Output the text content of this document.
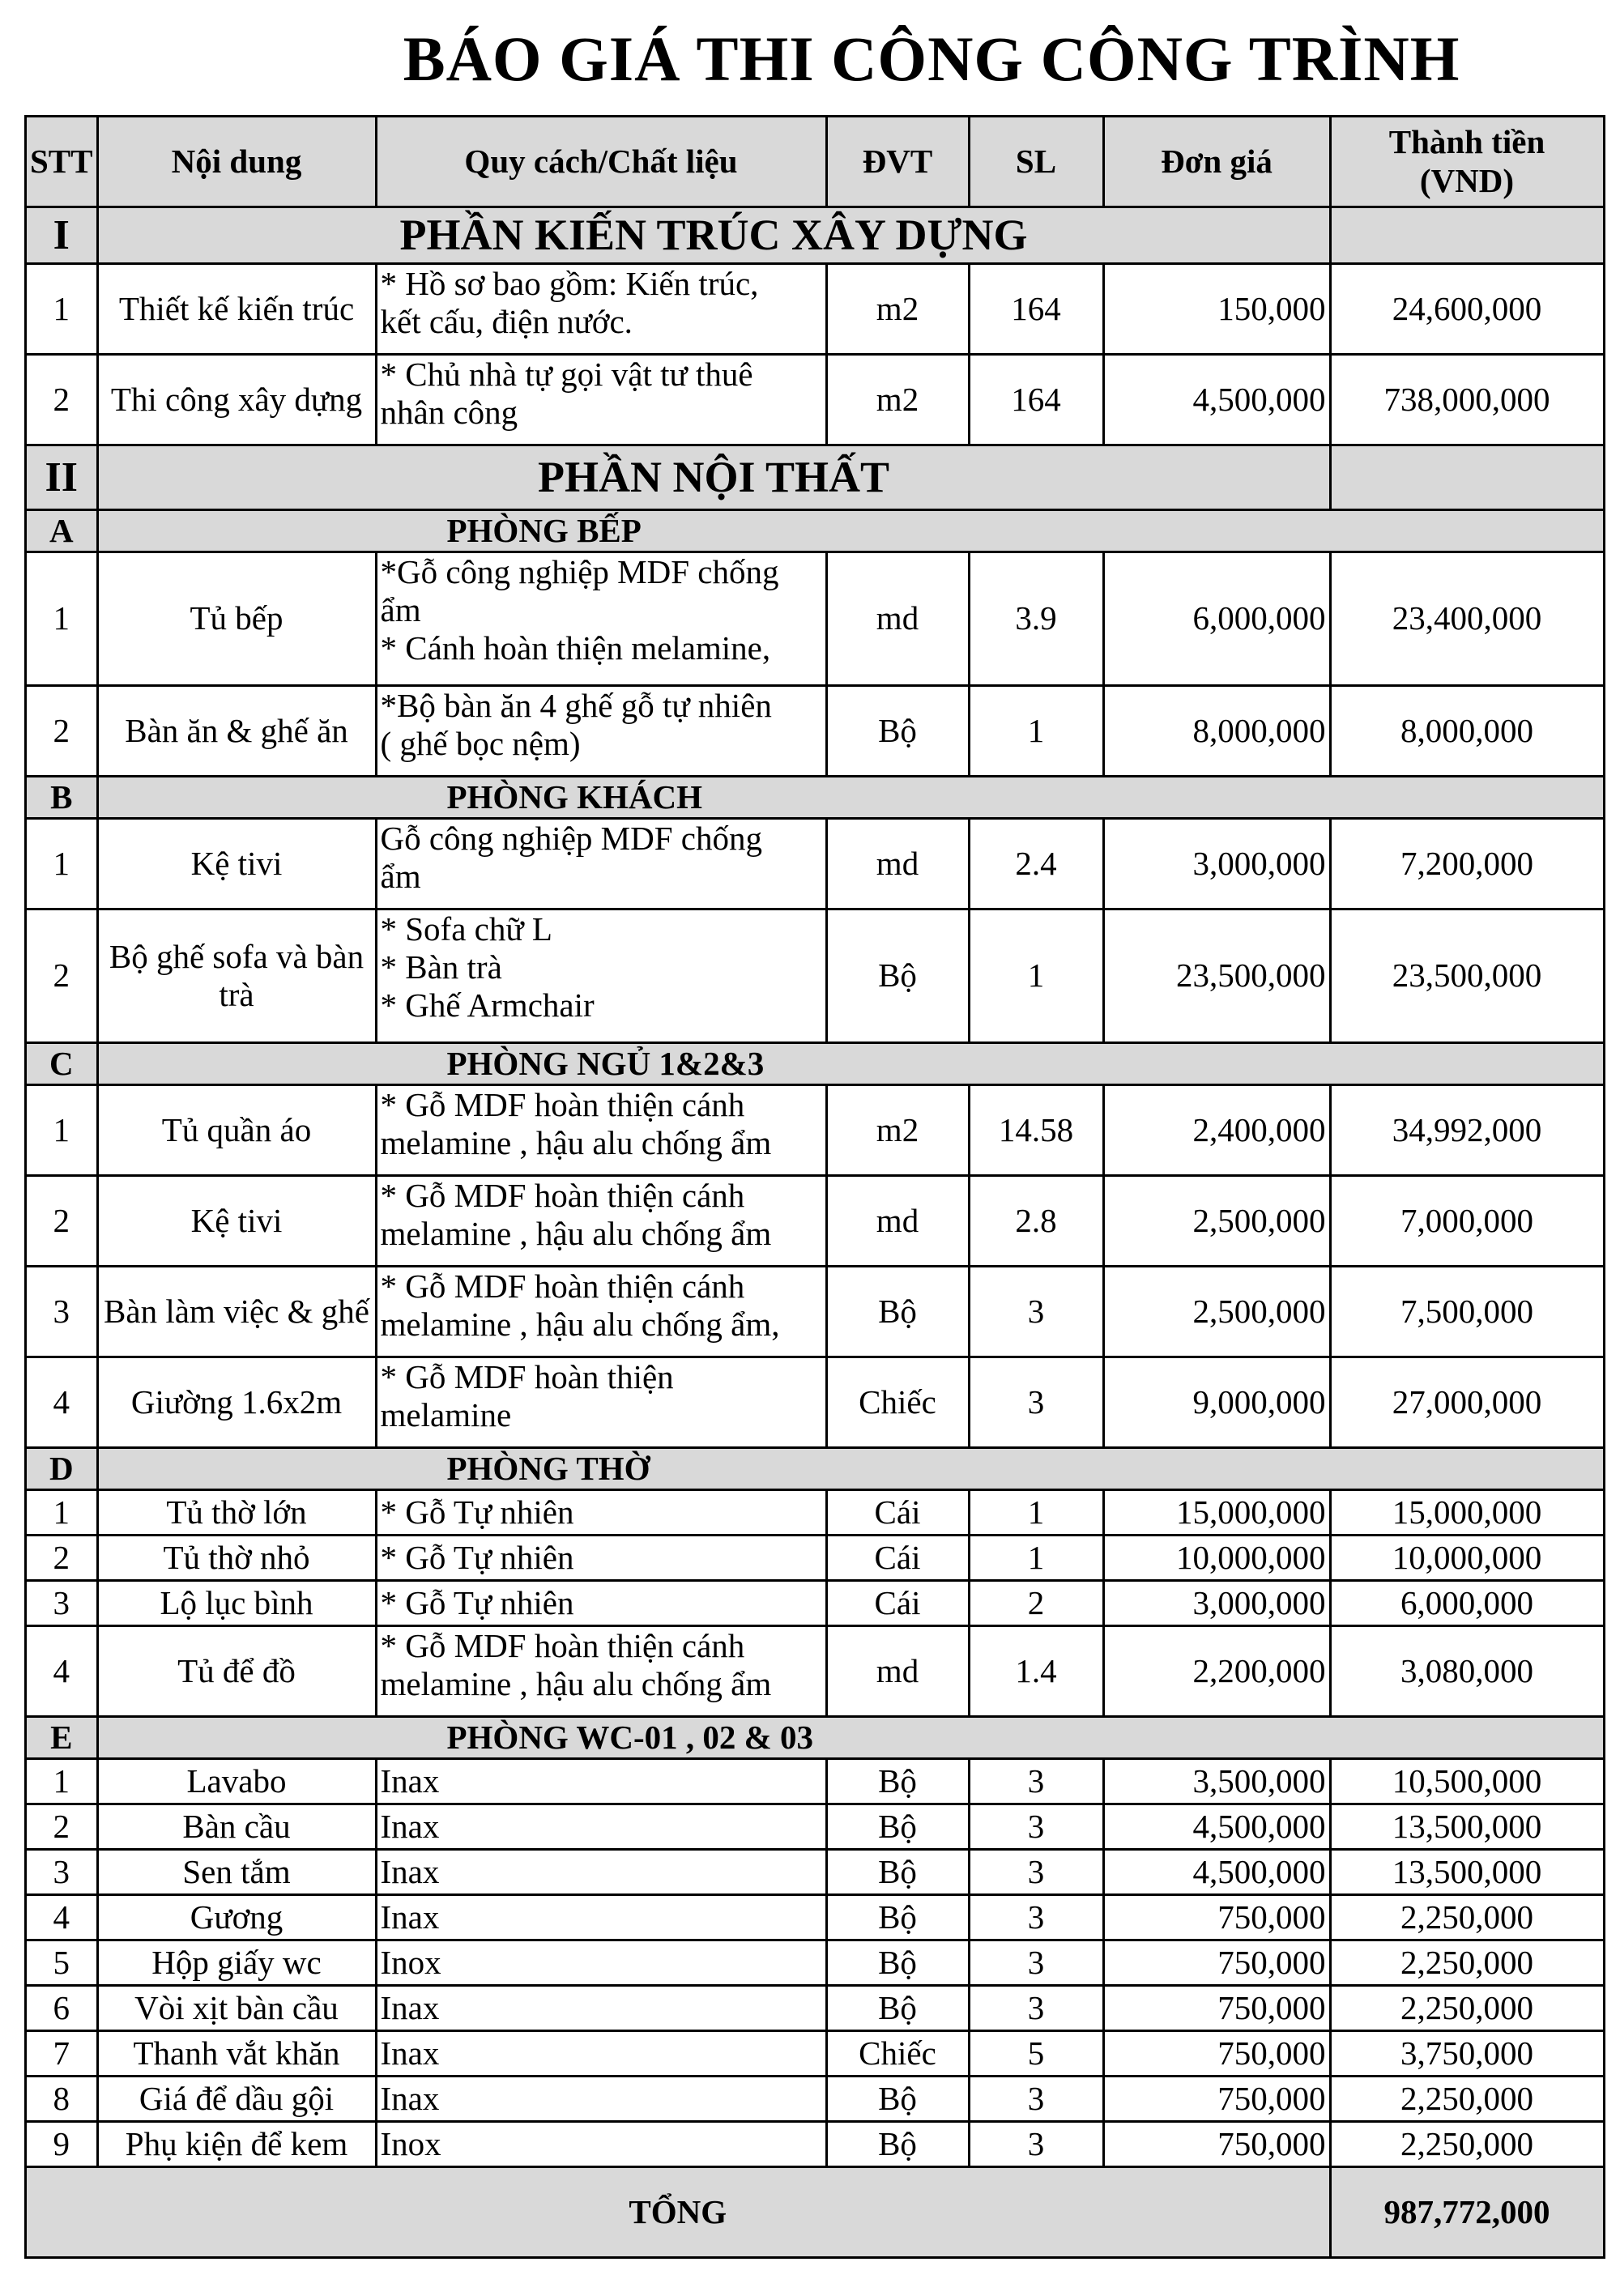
BÁO GIÁ THI CÔNG CÔNG TRÌNH
STT	Nội dung	Quy cách/Chất liệu	ĐVT	SL	Đơn giá	Thành tiền
(VND)

I	PHẦN KIẾN TRÚC XÂY DỰNG					
1	Thiết kế kiến trúc	* Hồ sơ bao gồm: Kiến trúc,
kết cấu, điện nước.	m2	164	150,000	24,600,000
2	Thi công xây dựng	* Chủ nhà tự gọi vật tư thuê
nhân công	m2	164	4,500,000	738,000,000
II	PHẦN NỘI THẤT					
A	PHÒNG BẾP					
1	Tủ bếp	*Gỗ công nghiệp MDF chống
ẩm
* Cánh hoàn thiện melamine,	md	3.9	6,000,000	23,400,000
2	Bàn ăn & ghế ăn	*Bộ bàn ăn 4 ghế gỗ tự nhiên
( ghế bọc nệm)	Bộ	1	8,000,000	8,000,000
B	PHÒNG KHÁCH					
1	Kệ tivi	Gỗ công nghiệp MDF chống
ẩm	md	2.4	3,000,000	7,200,000
2	Bộ ghế sofa và bàn trà	* Sofa chữ L
* Bàn trà
* Ghế Armchair	Bộ	1	23,500,000	23,500,000
C	PHÒNG NGỦ 1&2&3					
1	Tủ quần áo	* Gỗ MDF hoàn thiện cánh
melamine , hậu alu chống ẩm	m2	14.58	2,400,000	34,992,000
2	Kệ tivi	* Gỗ MDF hoàn thiện cánh
melamine , hậu alu chống ẩm	md	2.8	2,500,000	7,000,000
3	Bàn làm việc & ghế	* Gỗ MDF hoàn thiện cánh
melamine , hậu alu chống ẩm,	Bộ	3	2,500,000	7,500,000
4	Giường 1.6x2m	* Gỗ MDF hoàn thiện
melamine	Chiếc	3	9,000,000	27,000,000
D	PHÒNG THỜ					
1	Tủ thờ lớn	* Gỗ Tự nhiên	Cái	1	15,000,000	15,000,000
2	Tủ thờ nhỏ	* Gỗ Tự nhiên	Cái	1	10,000,000	10,000,000
3	Lộ lục bình	* Gỗ Tự nhiên	Cái	2	3,000,000	6,000,000
4	Tủ để đồ	* Gỗ MDF hoàn thiện cánh
melamine , hậu alu chống ẩm	md	1.4	2,200,000	3,080,000
E	PHÒNG WC-01 , 02 & 03					
1	Lavabo	Inax	Bộ	3	3,500,000	10,500,000
2	Bàn cầu	Inax	Bộ	3	4,500,000	13,500,000
3	Sen tắm	Inax	Bộ	3	4,500,000	13,500,000
4	Gương	Inax	Bộ	3	750,000	2,250,000
5	Hộp giấy wc	Inox	Bộ	3	750,000	2,250,000
6	Vòi xịt bàn cầu	Inax	Bộ	3	750,000	2,250,000
7	Thanh vắt khăn	Inax	Chiếc	5	750,000	3,750,000
8	Giá để dầu gội	Inax	Bộ	3	750,000	2,250,000
9	Phụ kiện để kem	Inox	Bộ	3	750,000	2,250,000
TỔNG						987,772,000
